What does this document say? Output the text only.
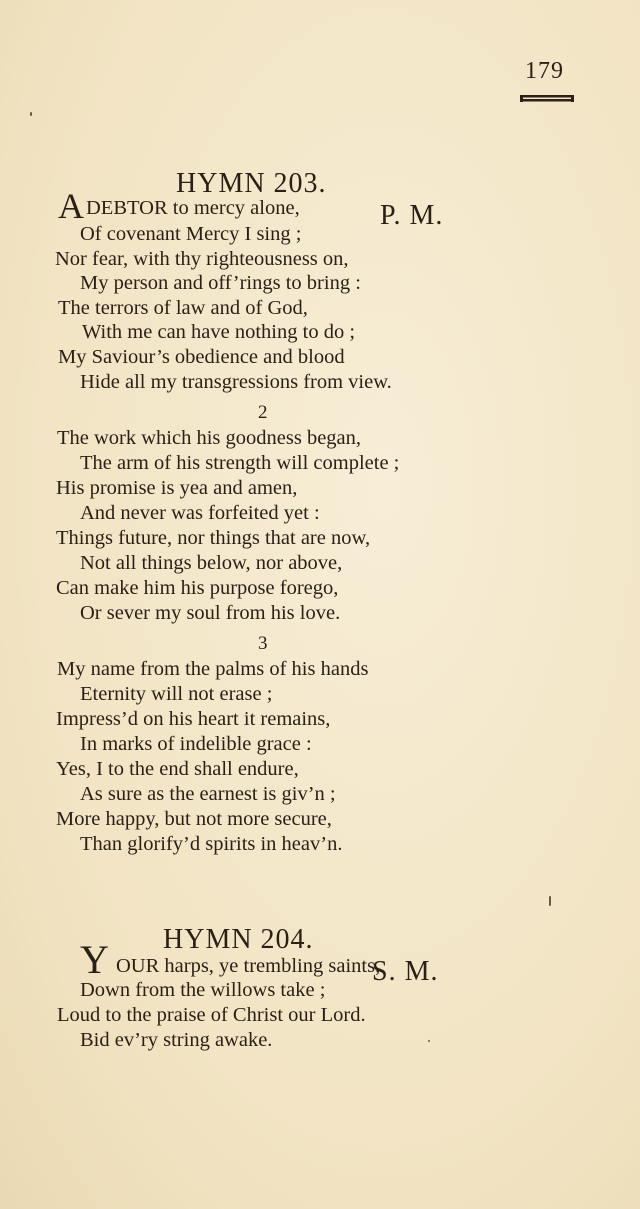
179

HYMN 203.

P. M.

A DEBTOR to mercy alone,
Of covenant Mercy I sing ;
Nor fear, with thy righteousness on,
My person and off’rings to bring :
The terrors of law and of God,
With me can have nothing to do ;
My Saviour’s obedience and blood
Hide all my transgressions from view.
2
The work which his goodness began,
The arm of his strength will complete ;
His promise is yea and amen,
And never was forfeited yet :
Things future, nor things that are now,
Not all things below, nor above,
Can make him his purpose forego,
Or sever my soul from his love.
3
My name from the palms of his hands
Eternity will not erase ;
Impress’d on his heart it remains,
In marks of indelible grace :
Yes, I to the end shall endure,
As sure as the earnest is giv’n ;
More happy, but not more secure,
Than glorify’d spirits in heav’n.

HYMN 204.

S. M.

Y OUR harps, ye trembling saints,
Down from the willows take ;
Loud to the praise of Christ our Lord.
Bid ev’ry string awake.
